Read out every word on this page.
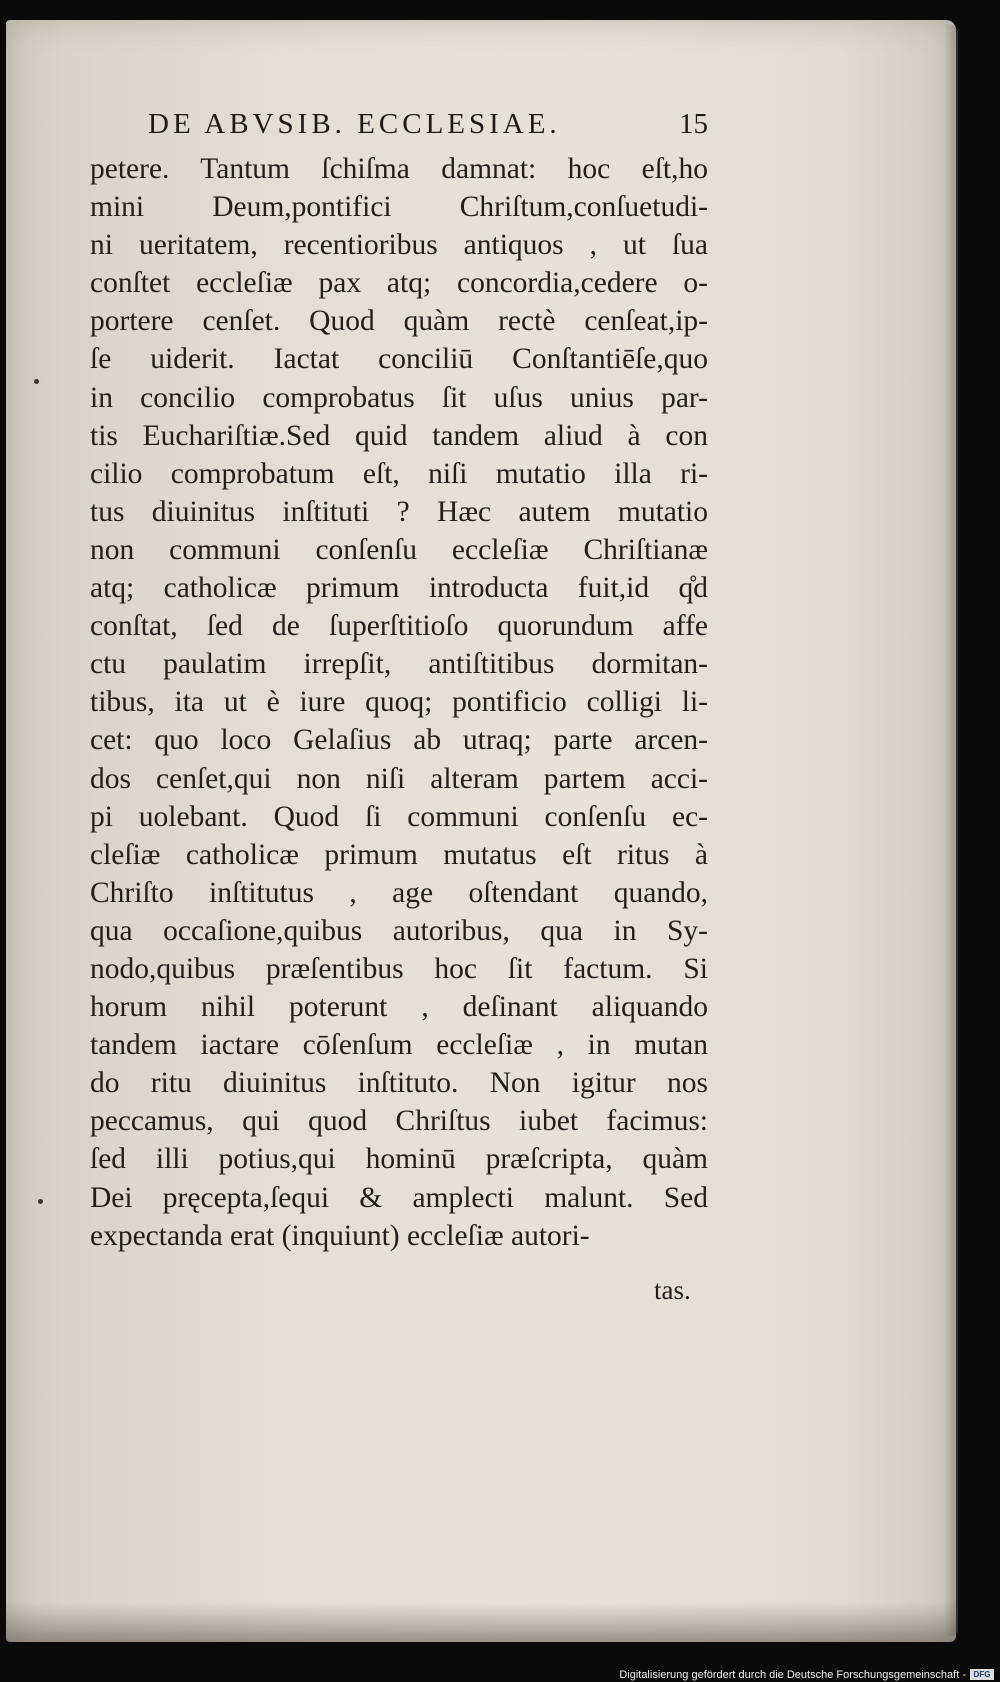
DE ABVSIB. ECCLESIAE.	15
petere. Tantum ſchiſma damnat: hoc eſt,ho
mini Deum,pontifici Chriſtum,conſuetudi-
ni ueritatem, recentioribus antiquos , ut ſua
conſtet eccleſiæ pax atq; concordia,cedere o-
portere cenſet. Quod quàm rectè cenſeat,ip-
ſe uiderit. Iactat conciliū Conſtantiēſe,quo
in concilio comprobatus ſit uſus unius par-
tis Euchariſtiæ.Sed quid tandem aliud à con
cilio comprobatum eſt, niſi mutatio illa ri-
tus diuinitus inſtituti ? Hæc autem mutatio
non communi conſenſu eccleſiæ Chriſtianæ
atq; catholicæ primum introducta fuit,id q̊d
conſtat, ſed de ſuperſtitioſo quorundum affe
ctu paulatim irrepſit, antiſtitibus dormitan-
tibus, ita ut è iure quoq; pontificio colligi li-
cet: quo loco Gelaſius ab utraq; parte arcen-
dos cenſet,qui non niſi alteram partem acci-
pi uolebant. Quod ſi communi conſenſu ec-
cleſiæ catholicæ primum mutatus eſt ritus à
Chriſto inſtitutus , age oſtendant quando,
qua occaſione,quibus autoribus, qua in Sy-
nodo,quibus præſentibus hoc ſit factum. Si
horum nihil poterunt , deſinant aliquando
tandem iactare cōſenſum eccleſiæ , in mutan
do ritu diuinitus inſtituto. Non igitur nos
peccamus, qui quod Chriſtus iubet facimus:
ſed illi potius,qui hominū præſcripta, quàm
Dei pręcepta,ſequi & amplecti malunt. Sed
expectanda erat (inquiunt) eccleſiæ autori-
tas.
Digitalisierung gefördert durch die Deutsche Forschungsgemeinschaft - DFG
